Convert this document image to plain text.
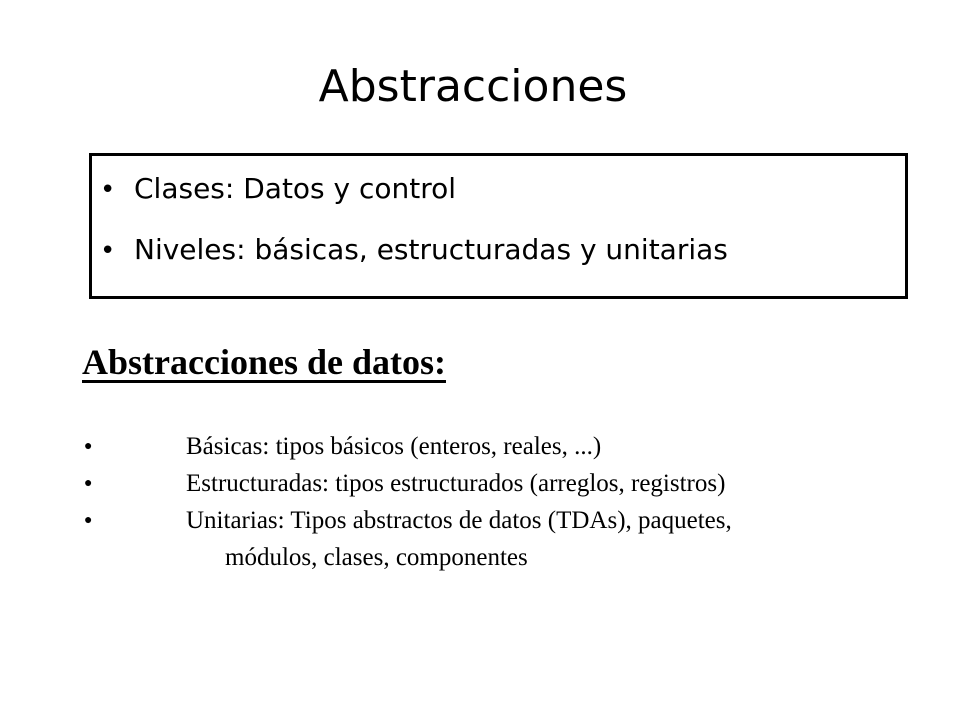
Abstracciones
• Clases: Datos y control
• Niveles: básicas, estructuradas y unitarias
Abstracciones de datos:
●	Básicas: tipos básicos (enteros, reales, ...)
●	Estructuradas: tipos estructurados (arreglos, registros)
●	Unitarias: Tipos abstractos de datos (TDAs), paquetes,
módulos, clases, componentes
